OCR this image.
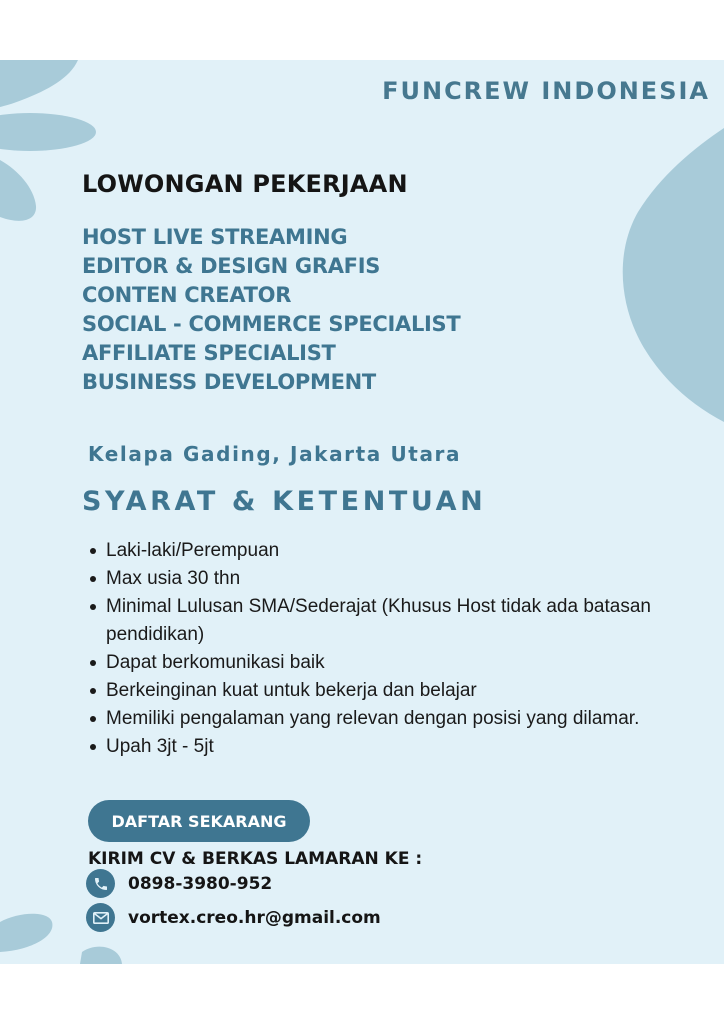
FUNCREW INDONESIA
LOWONGAN PEKERJAAN
HOST LIVE STREAMING
EDITOR & DESIGN GRAFIS
CONTEN CREATOR
SOCIAL - COMMERCE SPECIALIST
AFFILIATE SPECIALIST
BUSINESS DEVELOPMENT
Kelapa Gading, Jakarta Utara
SYARAT & KETENTUAN
Laki-laki/Perempuan
Max usia 30 thn
Minimal Lulusan SMA/Sederajat (Khusus Host tidak ada batasan pendidikan)
Dapat berkomunikasi baik
Berkeinginan kuat untuk bekerja dan belajar
Memiliki pengalaman yang relevan dengan posisi yang dilamar.
Upah 3jt - 5jt
DAFTAR SEKARANG
KIRIM CV & BERKAS LAMARAN KE :
0898-3980-952
vortex.creo.hr@gmail.com
